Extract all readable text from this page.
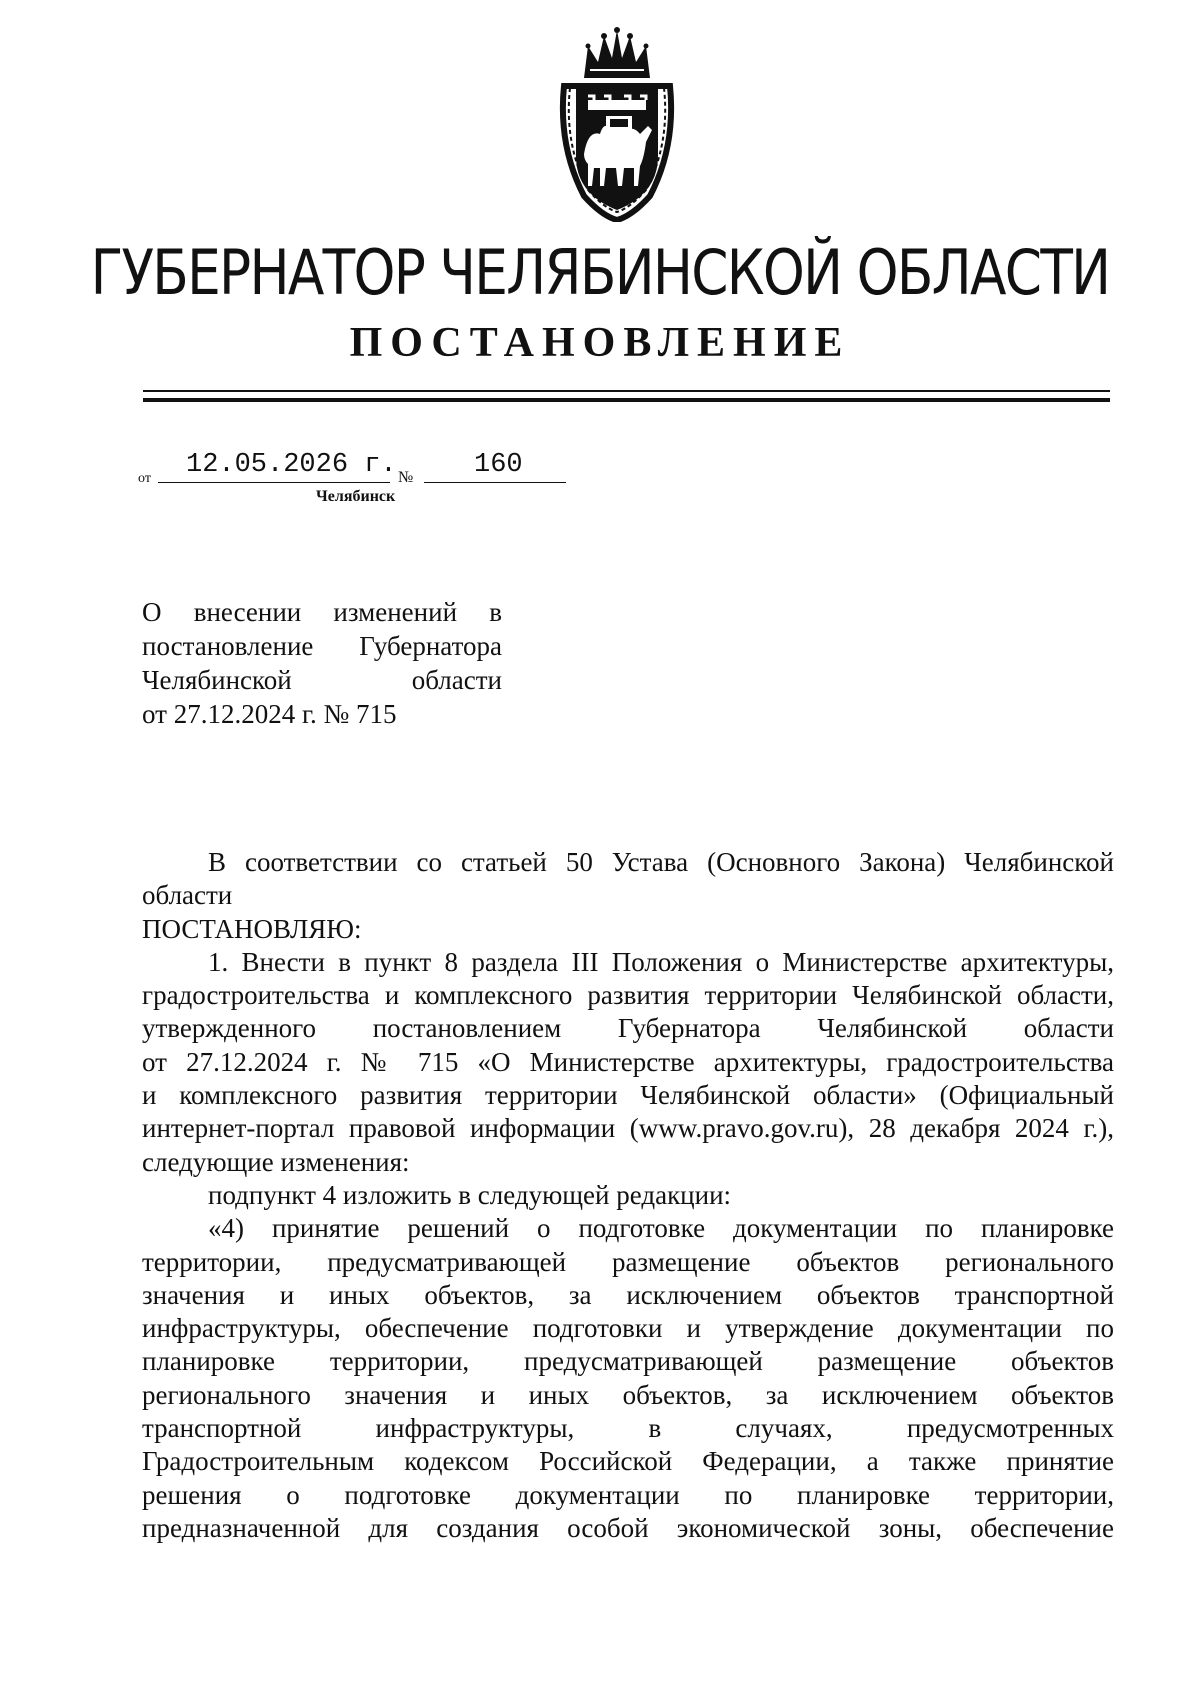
ГУБЕРНАТОР ЧЕЛЯБИНСКОЙ ОБЛАСТИ
ПОСТАНОВЛЕНИЕ
от 12.05.2026 г. № 160
Челябинск
О внесении изменений в
постановление Губернатора
Челябинской области
от 27.12.2024 г. № 715
В соответствии со статьей 50 Устава (Основного Закона) Челябинской
области
ПОСТАНОВЛЯЮ:
1. Внести в пункт 8 раздела III Положения о Министерстве архитектуры,
градостроительства и комплексного развития территории Челябинской области,
утвержденного постановлением Губернатора Челябинской области
от 27.12.2024 г. № 715 «О Министерстве архитектуры, градостроительства
и комплексного развития территории Челябинской области» (Официальный
интернет-портал правовой информации (www.pravo.gov.ru), 28 декабря 2024 г.),
следующие изменения:
подпункт 4 изложить в следующей редакции:
«4) принятие решений о подготовке документации по планировке
территории, предусматривающей размещение объектов регионального
значения и иных объектов, за исключением объектов транспортной
инфраструктуры, обеспечение подготовки и утверждение документации по
планировке территории, предусматривающей размещение объектов
регионального значения и иных объектов, за исключением объектов
транспортной инфраструктуры, в случаях, предусмотренных
Градостроительным кодексом Российской Федерации, а также принятие
решения о подготовке документации по планировке территории,
предназначенной для создания особой экономической зоны, обеспечение
